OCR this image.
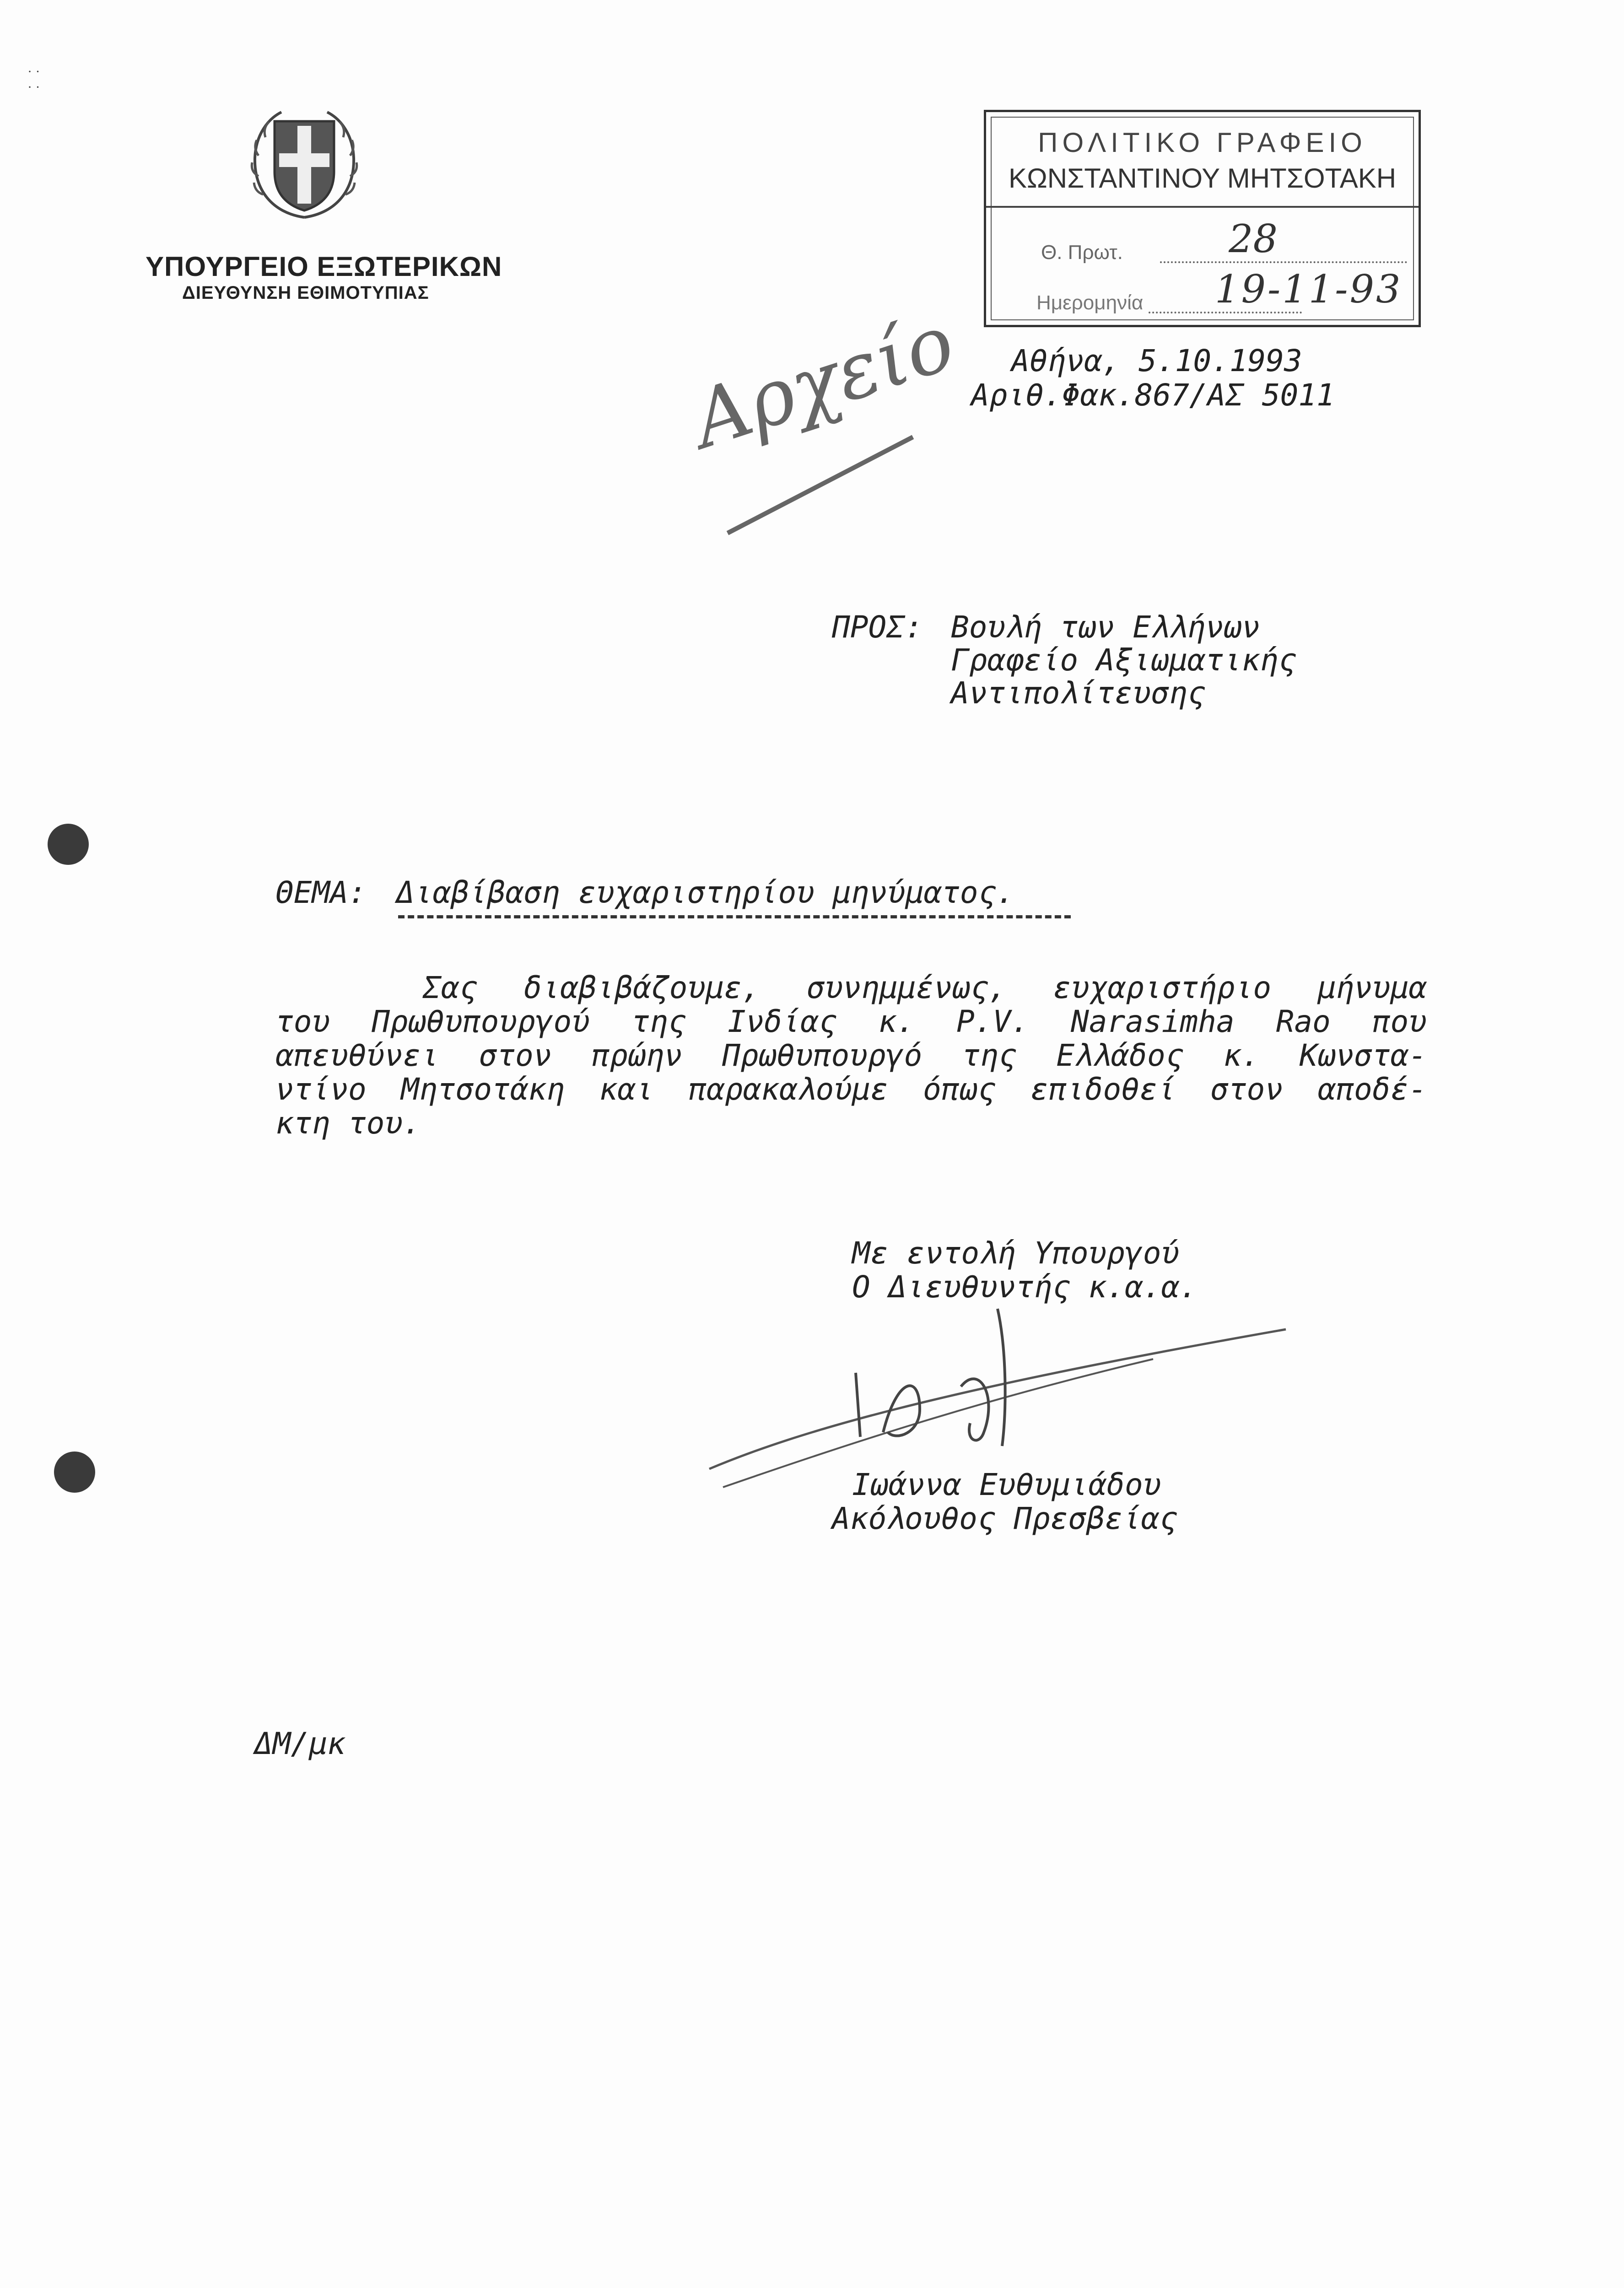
· ·
· ·
ΥΠΟΥΡΓΕΙΟ ΕΞΩΤΕΡΙΚΩΝ
ΔΙΕΥΘΥΝΣΗ ΕΘΙΜΟΤΥΠΙΑΣ
ΠΟΛΙΤΙΚΟ ΓΡΑΦΕΙΟ
ΚΩΝΣΤΑΝΤΙΝΟΥ ΜΗΤΣΟΤΑΚΗ
Θ. Πρωτ.	28
Ημερομηνία 19-11-93
Αθήνα, 5.10.1993
Αριθ.Φακ.867/ΑΣ 5011
Αρχείο
ΠΡΟΣ: Βουλή των Ελλήνων
Γραφείο Αξιωματικής
Αντιπολίτευσης
ΘΕΜΑ: Διαβίβαση ευχαριστηρίου μηνύματος.
Σας διαβιβάζουμε, συνημμένως, ευχαριστήριο μήνυμα
του Πρωθυπουργού της Ινδίας κ. P.V. Narasimha Rao που
απευθύνει στον πρώην Πρωθυπουργό της Ελλάδος κ. Κωνστα-
ντίνο Μητσοτάκη και παρακαλούμε όπως επιδοθεί στον αποδέ-
κτη του.
Με εντολή Υπουργού
Ο Διευθυντής κ.α.α.
Ιωάννα Ευθυμιάδου
Ακόλουθος Πρεσβείας
ΔΜ/μκ
